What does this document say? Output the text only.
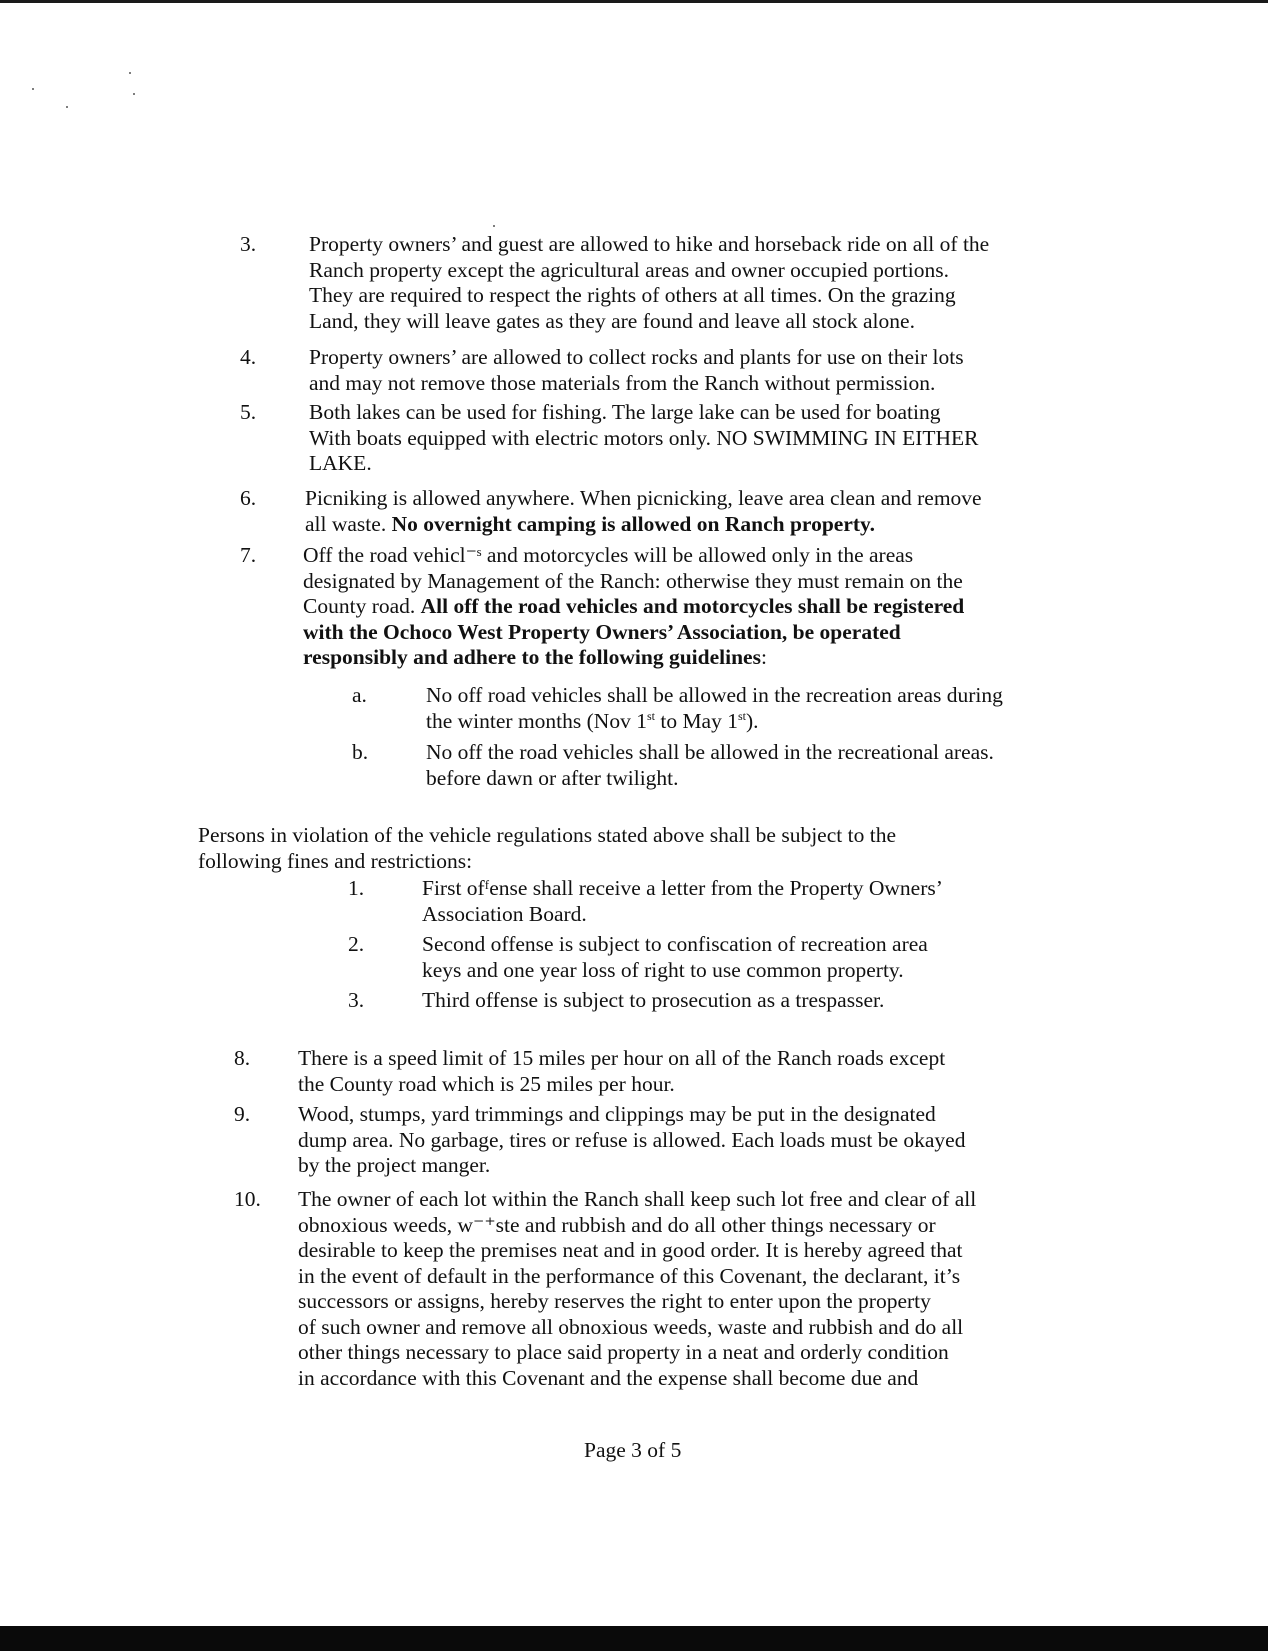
3. Property owners’ and guest are allowed to hike and horseback ride on all of the
Ranch property except the agricultural areas and owner occupied portions.
They are required to respect the rights of others at all times. On the grazing
Land, they will leave gates as they are found and leave all stock alone.
4. Property owners’ are allowed to collect rocks and plants for use on their lots
and may not remove those materials from the Ranch without permission.
5. Both lakes can be used for fishing. The large lake can be used for boating
With boats equipped with electric motors only. NO SWIMMING IN EITHER
LAKE.
6. Picniking is allowed anywhere. When picnicking, leave area clean and remove
all waste. No overnight camping is allowed on Ranch property.
7. Off the road vehicl⁻ˢ and motorcycles will be allowed only in the areas
designated by Management of the Ranch: otherwise they must remain on the
County road. All off the road vehicles and motorcycles shall be registered
with the Ochoco West Property Owners’ Association, be operated
responsibly and adhere to the following guidelines:
a.	No off road vehicles shall be allowed in the recreation areas during
the winter months (Nov 1st to May 1st).
b.	No off the road vehicles shall be allowed in the recreational areas.
before dawn or after twilight.
Persons in violation of the vehicle regulations stated above shall be subject to the
following fines and restrictions:
1.	First ofᶠense shall receive a letter from the Property Owners’
Association Board.
2.	Second offense is subject to confiscation of recreation area
keys and one year loss of right to use common property.
3.	Third offense is subject to prosecution as a trespasser.
8. There is a speed limit of 15 miles per hour on all of the Ranch roads except
the County road which is 25 miles per hour.
9. Wood, stumps, yard trimmings and clippings may be put in the designated
dump area. No garbage, tires or refuse is allowed. Each loads must be okayed
by the project manger.
10. The owner of each lot within the Ranch shall keep such lot free and clear of all
obnoxious weeds, w⁻⁺ste and rubbish and do all other things necessary or
desirable to keep the premises neat and in good order. It is hereby agreed that
in the event of default in the performance of this Covenant, the declarant, it’s
successors or assigns, hereby reserves the right to enter upon the property
of such owner and remove all obnoxious weeds, waste and rubbish and do all
other things necessary to place said property in a neat and orderly condition
in accordance with this Covenant and the expense shall become due and
Page 3 of 5
